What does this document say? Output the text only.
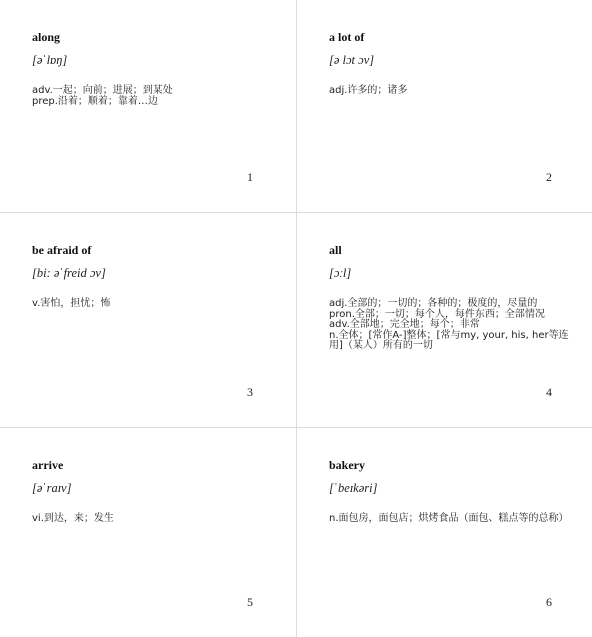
along
[əˈlɒŋ]
adv.一起；向前；进展；到某处
prep.沿着；顺着；靠着…边
1
a lot of
[ə lɔt ɔv]
adj.许多的；诸多
2
be afraid of
[bi: əˈfreid ɔv]
v.害怕，担忧；怖
3
all
[ɔːl]
adj.全部的；一切的；各种的；极度的，尽量的
pron.全部；一切；每个人，每件东西；全部情况
adv.全部地；完全地；每个；非常
n.全体；[常作A-]整体；[常与my, your, his, her等连用]（某人）所有的一切
4
arrive
[əˈraɪv]
vi.到达，来；发生
5
bakery
[ˈbeɪkəri]
n.面包房，面包店；烘烤食品（面包、糕点等的总称）
6
